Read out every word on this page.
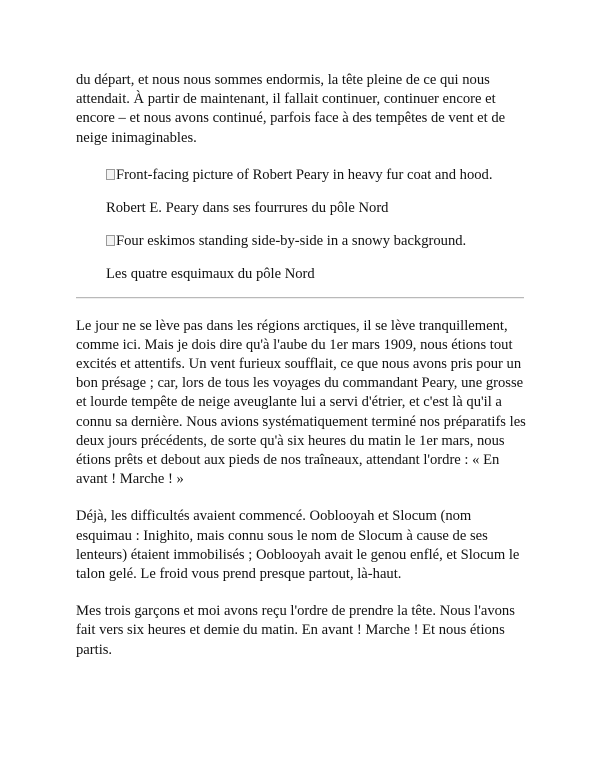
du départ, et nous nous sommes endormis, la tête pleine de ce qui nous attendait. À partir de maintenant, il fallait continuer, continuer encore et encore – et nous avons continué, parfois face à des tempêtes de vent et de neige inimaginables.

Front-facing picture of Robert Peary in heavy fur coat and hood.
Robert E. Peary dans ses fourrures du pôle Nord
Four eskimos standing side-by-side in a snowy background.
Les quatre esquimaux du pôle Nord

Le jour ne se lève pas dans les régions arctiques, il se lève tranquillement, comme ici. Mais je dois dire qu'à l'aube du 1er mars 1909, nous étions tout excités et attentifs. Un vent furieux soufflait, ce que nous avons pris pour un bon présage ; car, lors de tous les voyages du commandant Peary, une grosse et lourde tempête de neige aveuglante lui a servi d'étrier, et c'est là qu'il a connu sa dernière. Nous avions systématiquement terminé nos préparatifs les deux jours précédents, de sorte qu'à six heures du matin le 1er mars, nous étions prêts et debout aux pieds de nos traîneaux, attendant l'ordre : « En avant ! Marche ! »

Déjà, les difficultés avaient commencé. Ooblooyah et Slocum (nom esquimau : Inighito, mais connu sous le nom de Slocum à cause de ses lenteurs) étaient immobilisés ; Ooblooyah avait le genou enflé, et Slocum le talon gelé. Le froid vous prend presque partout, là-haut.

Mes trois garçons et moi avons reçu l'ordre de prendre la tête. Nous l'avons fait vers six heures et demie du matin. En avant ! Marche ! Et nous étions partis.
